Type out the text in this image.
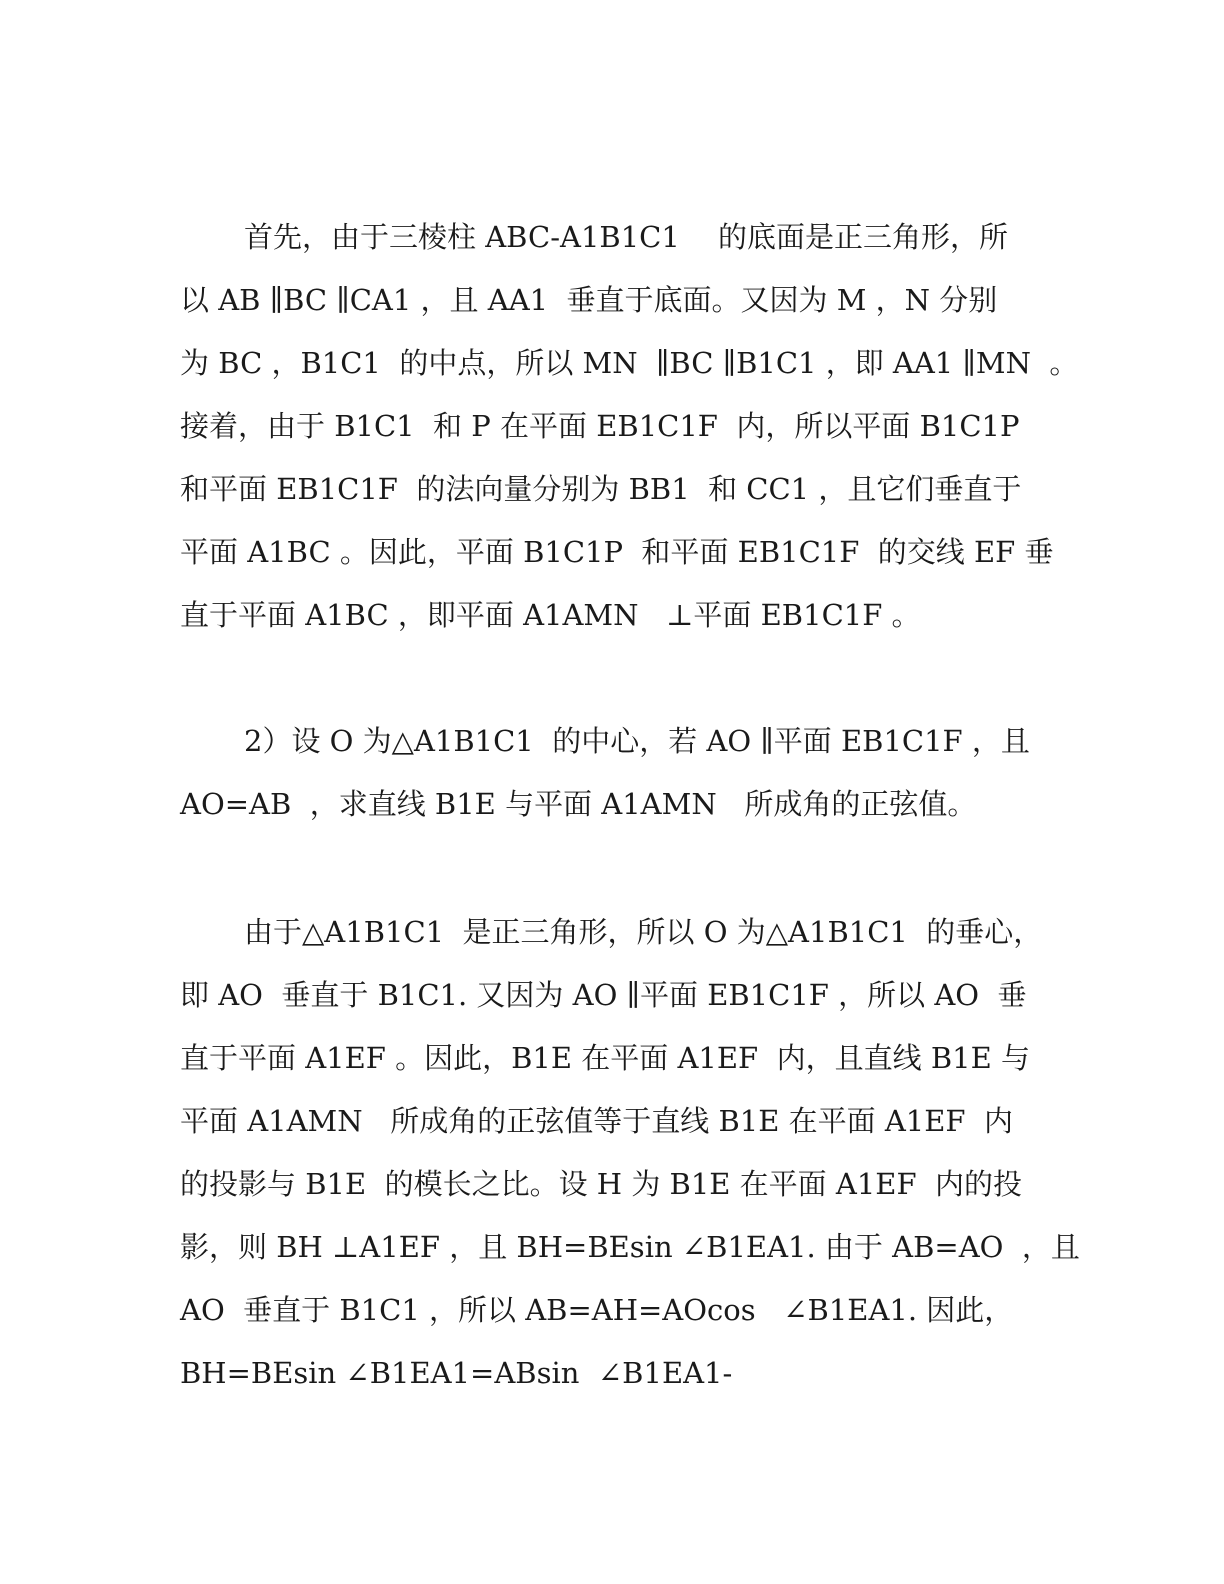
首先，由于三棱柱 ABC-A1B1C1　 的底面是正三角形，所
以 AB ∥BC ∥CA1 ，且 AA1  垂直于底面。又因为 M ，N 分别
为 BC ，B1C1  的中点，所以 MN  ∥BC ∥B1C1 ，即 AA1 ∥MN  。
接着，由于 B1C1  和 P 在平面 EB1C1F  内，所以平面 B1C1P
和平面 EB1C1F  的法向量分别为 BB1  和 CC1 ，且它们垂直于
平面 A1BC 。因此，平面 B1C1P  和平面 EB1C1F  的交线 EF 垂
直于平面 A1BC ，即平面 A1AMN   ⊥平面 EB1C1F 。
2）设 O 为△A1B1C1  的中心，若 AO ∥平面 EB1C1F ，且
AO=AB  ，求直线 B1E 与平面 A1AMN   所成角的正弦值。
由于△A1B1C1  是正三角形，所以 O 为△A1B1C1  的垂心，
即 AO  垂直于 B1C1. 又因为 AO ∥平面 EB1C1F ，所以 AO  垂
直于平面 A1EF 。因此，B1E 在平面 A1EF  内，且直线 B1E 与
平面 A1AMN   所成角的正弦值等于直线 B1E 在平面 A1EF  内
的投影与 B1E  的模长之比。设 H 为 B1E 在平面 A1EF  内的投
影，则 BH ⊥A1EF ，且 BH=BEsin ∠B1EA1. 由于 AB=AO  ，且
AO  垂直于 B1C1 ，所以 AB=AH=AOcos   ∠B1EA1. 因此，
BH=BEsin ∠B1EA1=ABsin  ∠B1EA1-
